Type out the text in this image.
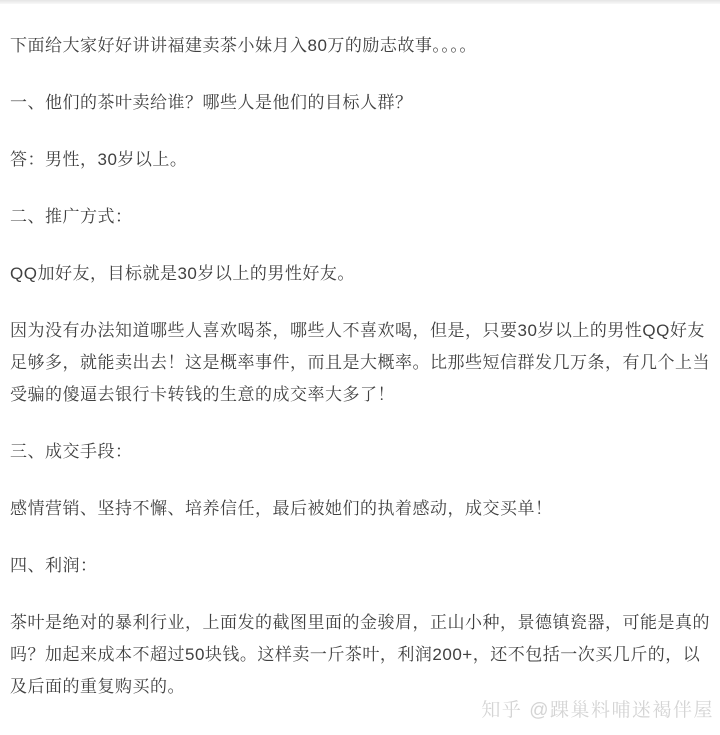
下面给大家好好讲讲福建卖茶小妹月入80万的励志故事。。。。

一、他们的茶叶卖给谁？哪些人是他们的目标人群？

答：男性，30岁以上。

二、推广方式：

QQ加好友，目标就是30岁以上的男性好友。

因为没有办法知道哪些人喜欢喝茶，哪些人不喜欢喝，但是，只要30岁以上的男性QQ好友足够多，就能卖出去！这是概率事件，而且是大概率。比那些短信群发几万条，有几个上当受骗的傻逼去银行卡转钱的生意的成交率大多了！

三、成交手段：

感情营销、坚持不懈、培养信任，最后被她们的执着感动，成交买单！

四、利润：

茶叶是绝对的暴利行业，上面发的截图里面的金骏眉，正山小种，景德镇瓷器，可能是真的吗？加起来成本不超过50块钱。这样卖一斤茶叶，利润200+，还不包括一次买几斤的，以及后面的重复购买的。

知乎 @踝巢料哺迷褐伴屋
